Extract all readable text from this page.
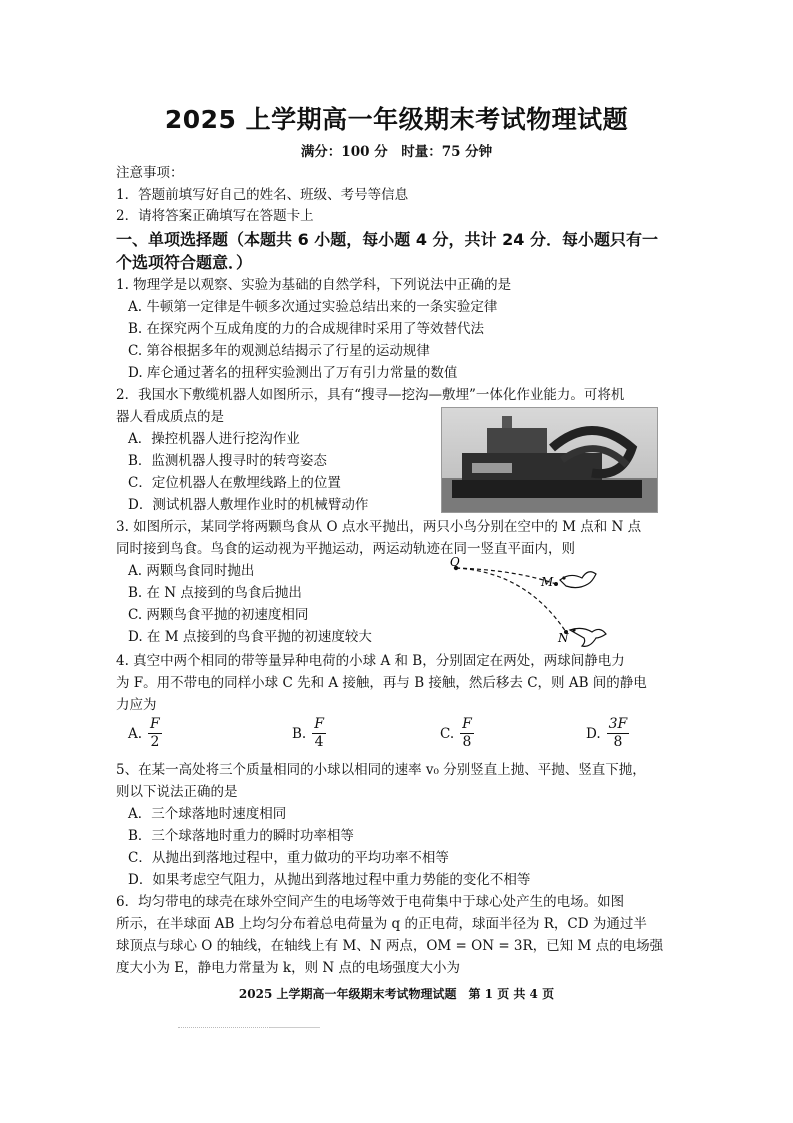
2025 上学期高一年级期末考试物理试题
满分：100 分　时量：75 分钟
注意事项：
1．答题前填写好自己的姓名、班级、考号等信息
2．请将答案正确填写在答题卡上
一、单项选择题（本题共 6 小题，每小题 4 分，共计 24 分．每小题只有一
个选项符合题意．）
1. 物理学是以观察、实验为基础的自然学科，下列说法中正确的是
A. 牛顿第一定律是牛顿多次通过实验总结出来的一条实验定律
B. 在探究两个互成角度的力的合成规律时采用了等效替代法
C. 第谷根据多年的观测总结揭示了行星的运动规律
D. 库仑通过著名的扭秤实验测出了万有引力常量的数值
2．我国水下敷缆机器人如图所示，具有“搜寻—挖沟—敷埋”一体化作业能力。可将机
器人看成质点的是
A．操控机器人进行挖沟作业
B．监测机器人搜寻时的转弯姿态
C．定位机器人在敷埋线路上的位置
D．测试机器人敷埋作业时的机械臂动作
3. 如图所示，某同学将两颗鸟食从 O 点水平抛出，两只小鸟分别在空中的 M 点和 N 点
同时接到鸟食。鸟食的运动视为平抛运动，两运动轨迹在同一竖直平面内，则
A. 两颗鸟食同时抛出
B. 在 N 点接到的鸟食后抛出
C. 两颗鸟食平抛的初速度相同
D. 在 M 点接到的鸟食平抛的初速度较大
O
M
N
4. 真空中两个相同的带等量异种电荷的小球 A 和 B，分别固定在两处，两球间静电力
为 F。用不带电的同样小球 C 先和 A 接触，再与 B 接触，然后移去 C，则 AB 间的静电
力应为
A. $\frac{F}{2}$	B. $\frac{F}{4}$	C. $\frac{F}{8}$	D. $\frac{3F}{8}$
5、在某一高处将三个质量相同的小球以相同的速率 v₀ 分别竖直上抛、平抛、竖直下抛，
则以下说法正确的是
A．三个球落地时速度相同
B．三个球落地时重力的瞬时功率相等
C．从抛出到落地过程中，重力做功的平均功率不相等
D．如果考虑空气阻力，从抛出到落地过程中重力势能的变化不相等
6．均匀带电的球壳在球外空间产生的电场等效于电荷集中于球心处产生的电场。如图
所示，在半球面 AB 上均匀分布着总电荷量为 q 的正电荷，球面半径为 R，CD 为通过半
球顶点与球心 O 的轴线，在轴线上有 M、N 两点，OM = ON = 3R，已知 M 点的电场强
度大小为 E，静电力常量为 k，则 N 点的电场强度大小为
2025 上学期高一年级期末考试物理试题　第 1 页 共 4 页
